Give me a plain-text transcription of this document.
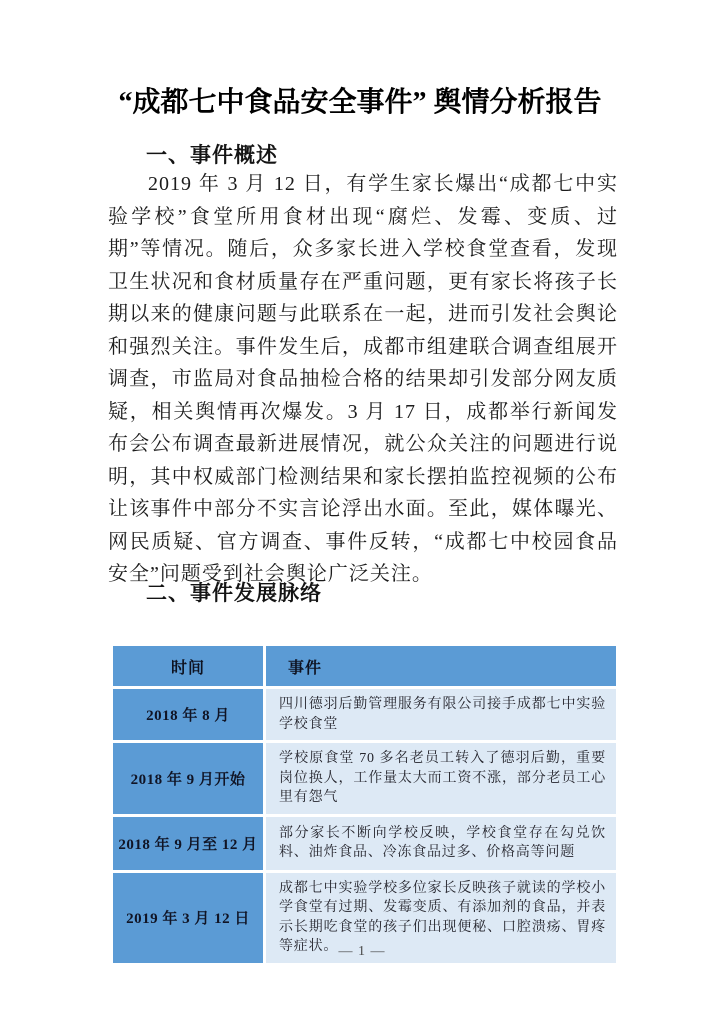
“成都七中食品安全事件” 舆情分析报告
一、事件概述

2019 年 3 月 12 日，有学生家长爆出“成都七中实验学校”食堂所用食材出现“腐烂、发霉、变质、过期”等情况。随后，众多家长进入学校食堂查看，发现卫生状况和食材质量存在严重问题，更有家长将孩子长期以来的健康问题与此联系在一起，进而引发社会舆论和强烈关注。事件发生后，成都市组建联合调查组展开调查，市监局对食品抽检合格的结果却引发部分网友质疑，相关舆情再次爆发。3 月 17 日，成都举行新闻发布会公布调查最新进展情况，就公众关注的问题进行说明，其中权威部门检测结果和家长摆拍监控视频的公布让该事件中部分不实言论浮出水面。至此，媒体曝光、网民质疑、官方调查、事件反转，“成都七中校园食品安全”问题受到社会舆论广泛关注。

二、事件发展脉络
时间	事件
2018 年 8 月
四川德羽后勤管理服务有限公司接手成都七中实验学校食堂
2018 年 9 月开始
学校原食堂 70 多名老员工转入了德羽后勤，重要岗位换人，工作量太大而工资不涨，部分老员工心里有怨气
2018 年 9 月至 12 月
部分家长不断向学校反映，学校食堂存在勾兑饮料、油炸食品、冷冻食品过多、价格高等问题
2019 年 3 月 12 日
成都七中实验学校多位家长反映孩子就读的学校小学食堂有过期、发霉变质、有添加剂的食品，并表示长期吃食堂的孩子们出现便秘、口腔溃疡、胃疼等症状。 — 1 —
